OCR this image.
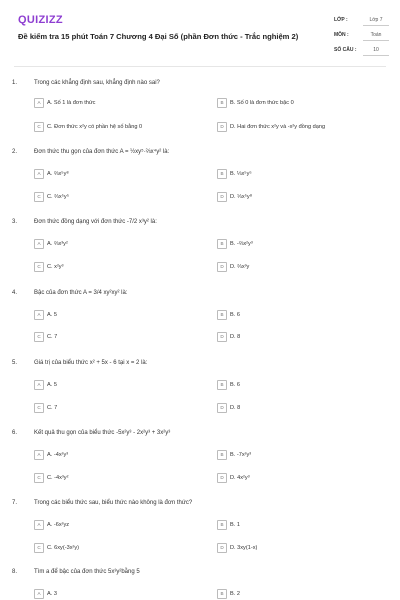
QUIZIZZ
Đề kiểm tra 15 phút Toán 7 Chương 4 Đại Số (phần Đơn thức - Trắc nghiệm 2)
LỚP :	Lớp 7
MÔN :	Toán
SỐ CÂU :	10
1.	Trong các khẳng định sau, khẳng định nào sai?
A A. Số 1 là đơn thức	B B. Số 0 là đơn thức bậc 0
C C. Đơn thức x²y có phần hệ số bằng 0	D D. Hai đơn thức x²y và -x²y đồng dạng
2.	Đơn thức thu gọn của đơn thức A = ½xy⁵·⅔x⁴y² là:
A A. ⅔x⁵y⁸	B B. ⅓x⁵y⁵
C C. ⅔x⁵y⁵	D D. ⅓x⁵y⁸
3.	Đơn thức đồng dạng với đơn thức -7/2 x³y² là:
A A. ⅔x³y²	B B. -⅔x²y³
C C. x²y³	D D. ⅔x³y
4.	Bậc của đơn thức A = 3/4 xy²xy² là:
A A. 5	B B. 6
C C. 7	D D. 8
5.	Giá trị của biểu thức x² + 5x - 6 tại x = 2 là:
A A. 5	B B. 6
C C. 7	D D. 8
6.	Kết quả thu gọn của biểu thức -5x²y³ - 2x²y³ + 3x²y³
A A. -4x²y³	B B. -7x²y³
C C. -4x³y²	D D. 4x²y³
7.	Trong các biểu thức sau, biểu thức nào không là đơn thức?
A A. -6x²yz	B B. 1
C C. 6xy(-3x²y)	D D. 3xy(1-x)
8.	Tìm a để bậc của đơn thức 5x³y²bằng 5
A A. 3	B B. 2
